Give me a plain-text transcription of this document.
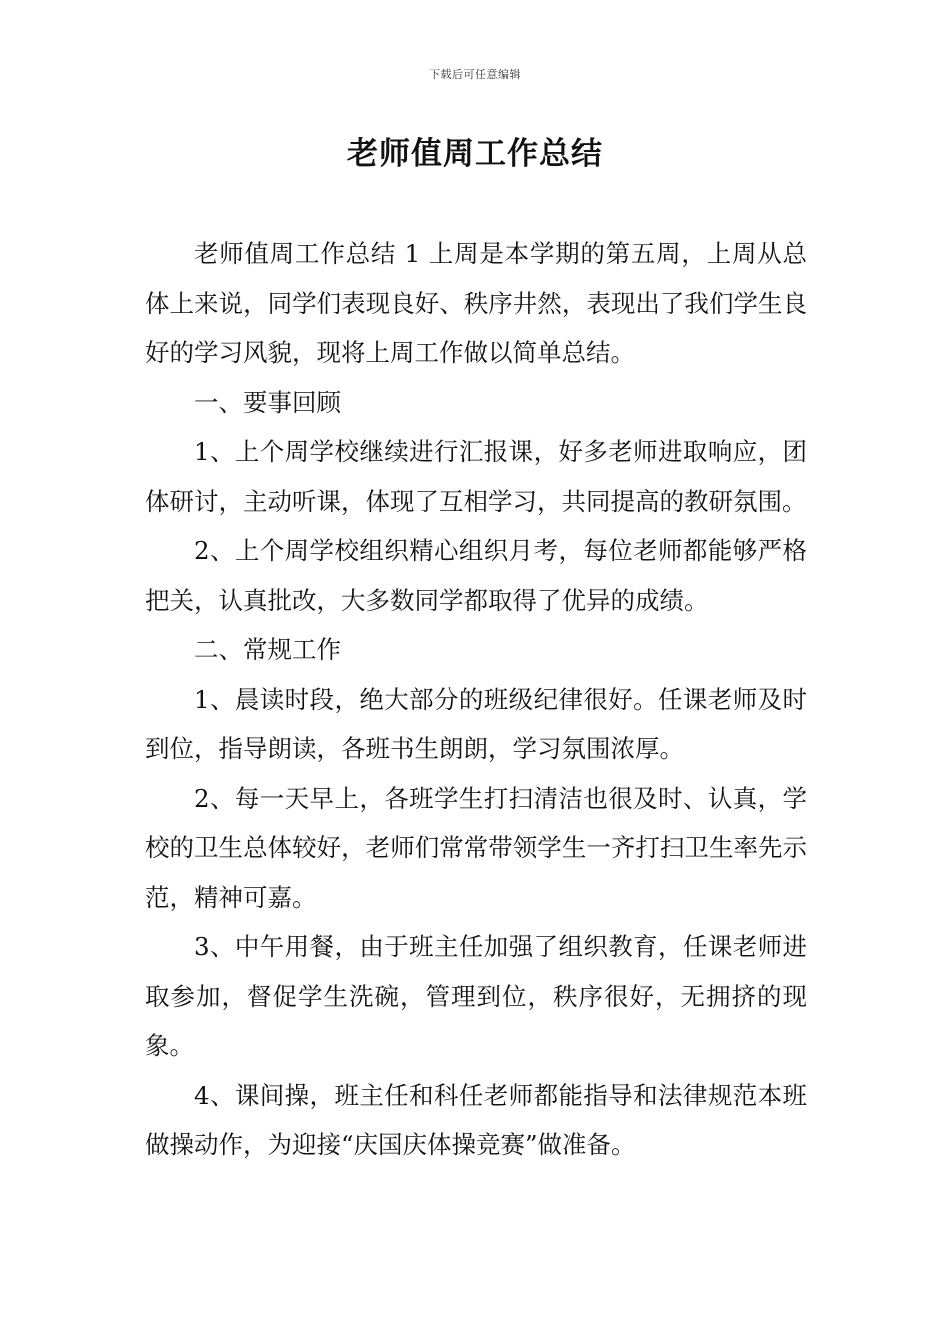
下载后可任意编辑
老师值周工作总结

老师值周工作总结 1 上周是本学期的第五周，上周从总体上来说，同学们表现良好、秩序井然，表现出了我们学生良好的学习风貌，现将上周工作做以简单总结。

一、要事回顾

1、上个周学校继续进行汇报课，好多老师进取响应，团体研讨，主动听课，体现了互相学习，共同提高的教研氛围。

2、上个周学校组织精心组织月考，每位老师都能够严格把关，认真批改，大多数同学都取得了优异的成绩。

二、常规工作

1、晨读时段，绝大部分的班级纪律很好。任课老师及时到位，指导朗读，各班书生朗朗，学习氛围浓厚。

2、每一天早上，各班学生打扫清洁也很及时、认真，学校的卫生总体较好，老师们常常带领学生一齐打扫卫生率先示范，精神可嘉。

3、中午用餐，由于班主任加强了组织教育，任课老师进取参加，督促学生洗碗，管理到位，秩序很好，无拥挤的现象。

4、课间操，班主任和科任老师都能指导和法律规范本班做操动作，为迎接“庆国庆体操竞赛”做准备。
